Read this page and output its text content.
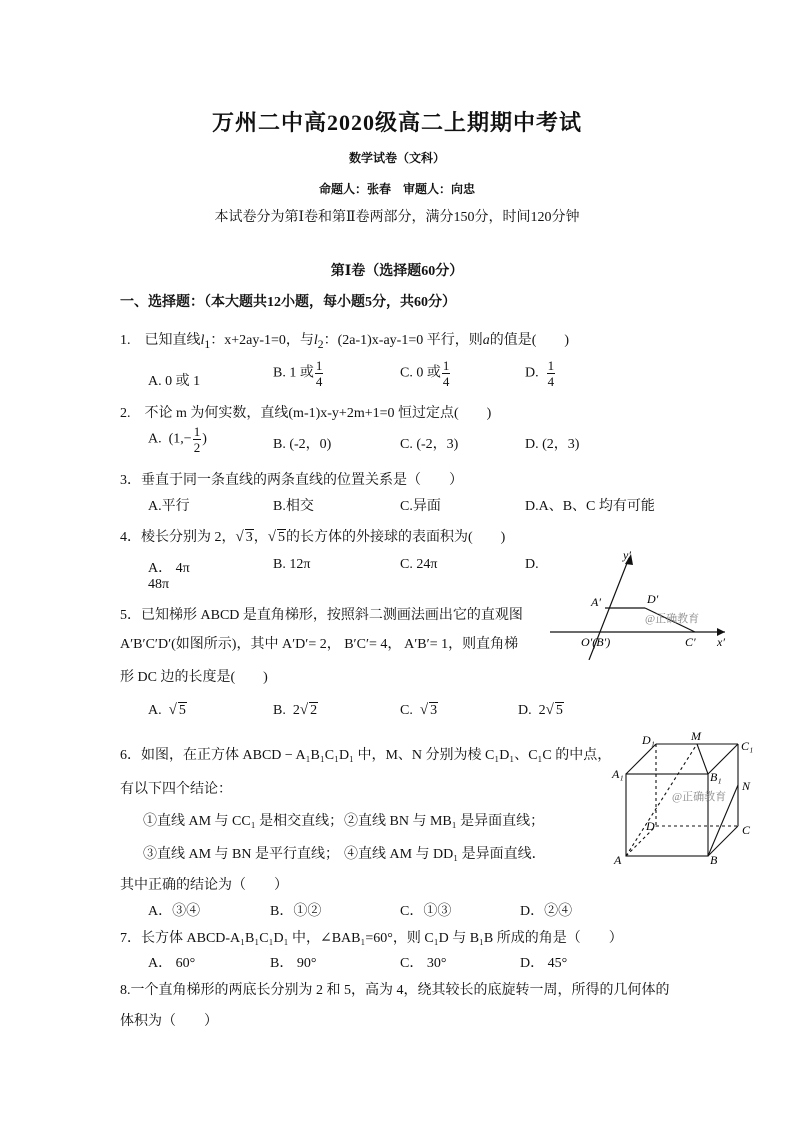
万州二中高2020级高二上期期中考试
数学试卷（文科）
命题人：张春　审题人：向忠
本试卷分为第Ⅰ卷和第Ⅱ卷两部分，满分150分，时间120分钟
第Ⅰ卷（选择题60分）
一、选择题：（本大题共12小题，每小题5分，共60分）
1. 已知直线$l_1$：x+2ay-1=0，与$l_2$：(2a-1)x-ay-1=0 平行，则a的值是(　　)
A. 0 或 1
B. 1 或 $\frac{1}{4}$	C. 0 或 $\frac{1}{4}$	D. $\frac{1}{4}$
2. 不论 m 为何实数，直线(m-1)x-y+2m+1=0 恒过定点(　　)
A. ($1,- \frac{1}{2}$ )	B. (-2，0)	C. (-2，3)	D. (2，3)
3．垂直于同一条直线的两条直线的位置关系是（　　）
A.平行	B.相交	C.异面	D.A、B、C 均有可能
4．棱长分别为 2，√ 3，√ 5的长方体的外接球的表面积为(　　)
A． 4π	B. 12π	C. 24π	D.
48π
5．已知梯形 ABCD 是直角梯形，按照斜二测画法画出它的直观图
A′B′C′D′(如图所示)，其中 A′D′= 2， B′C′= 4， A′B′= 1，则直角梯
形 DC 边的长度是(　　)
A. √ 5	B. 2√ 2	C. √ 3	D. 2√ 5
y′
x′
A′	D′
O′(B′)	C′
@正确教育
6．如图，在正方体 ABCD − A₁B₁C₁D₁ 中，M、N 分别为棱 C₁D₁、C₁C 的中点，
有以下四个结论：
①直线 AM 与 CC₁ 是相交直线； ②直线 BN 与 MB₁ 是异面直线；
③直线 AM 与 BN 是平行直线； ④直线 AM 与 DD₁ 是异面直线．
其中正确的结论为（　　）
A．③④	B．①②	C．①③	D．②④
D₁	M
C₁
A₁	B₁
N
D	C
A	B
@正确教育
7．长方体 ABCD-A₁B₁C₁D₁ 中，∠BAB₁=60°，则 C₁D 与 B₁B 所成的角是（　　）
A． 60°	B． 90°	C． 30°	D． 45°
8.一个直角梯形的两底长分别为 2 和 5，高为 4，绕其较长的底旋转一周，所得的几何体的
体积为（　　）
